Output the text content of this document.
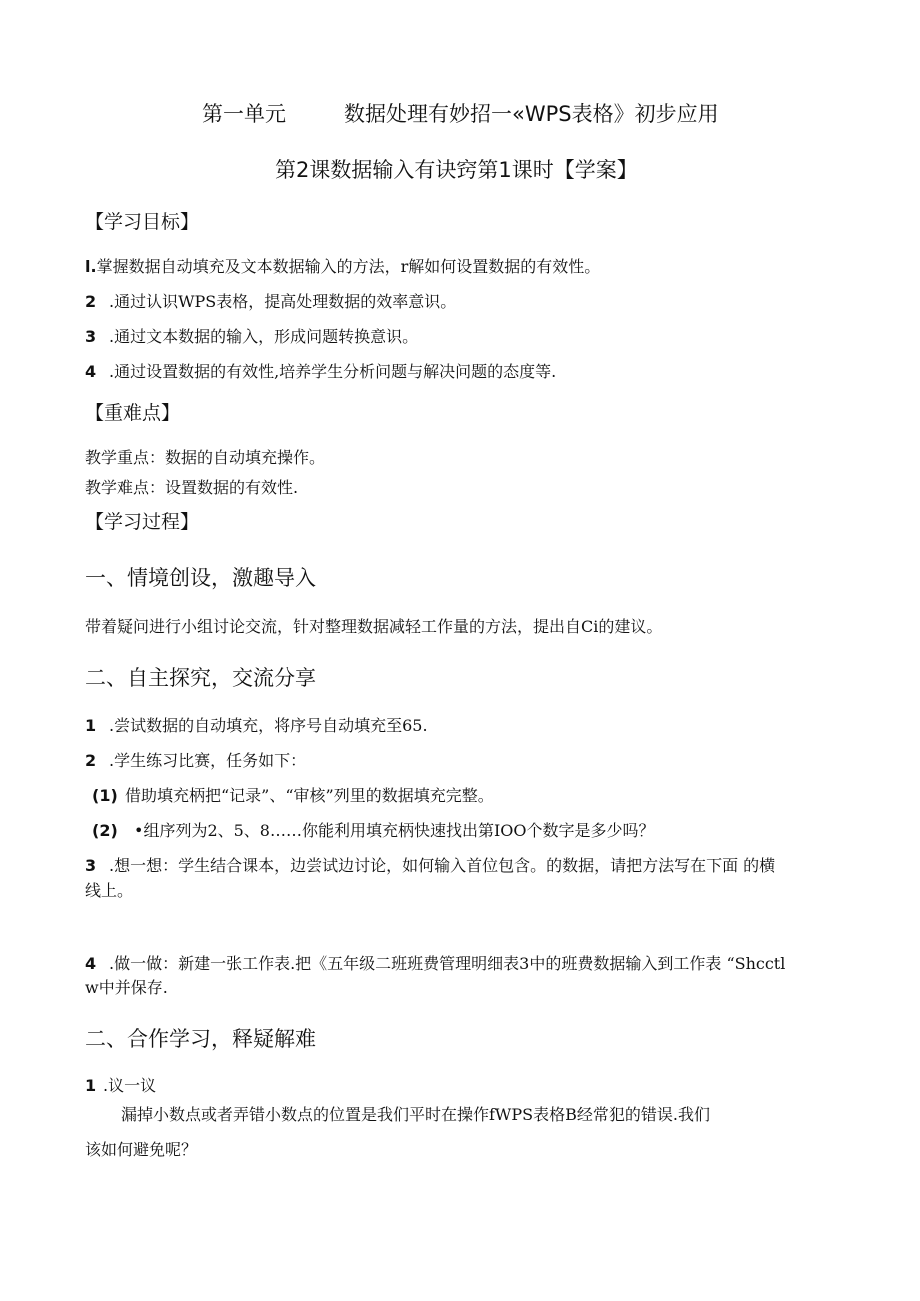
第一单元	数据处理有妙招一«WPS表格》初步应用
第2课数据输入有诀窍第1课时【学案】
【学习目标】
l.掌握数据自动填充及文本数据输入的方法，r解如何设置数据的有效性。
2 .通过认识WPS表格，提高处理数据的效率意识。
3 .通过文本数据的输入，形成问题转换意识。
4 .通过设置数据的有效性,培养学生分析问题与解决问题的态度等.
【重难点】
教学重点：数据的自动填充操作。
教学难点：设置数据的有效性.
【学习过程】
一、情境创设，激趣导入
带着疑问进行小组讨论交流，针对整理数据减轻工作量的方法，提出自Ci的建议。
二、自主探究，交流分享
1 .尝试数据的自动填充，将序号自动填充至65.
2 .学生练习比赛，任务如下：
(1) 借助填充柄把“记录”、“审核”列里的数据填充完整。
(2) •组序列为2、5、8……你能利用填充柄快速找出第IOO个数字是多少吗？
3 .想一想：学生结合课本，边尝试边讨论，如何输入首位包含。的数据，请把方法写在下面 的横
线上。
4 .做一做：新建一张工作表.把《五年级二班班费管理明细表3中的班费数据输入到工作表 “Shcctl
w中并保存.
二、合作学习，释疑解难
1 .议一议
漏掉小数点或者弄错小数点的位置是我们平时在操作fWPS表格B经常犯的错误.我们
该如何避免呢？
